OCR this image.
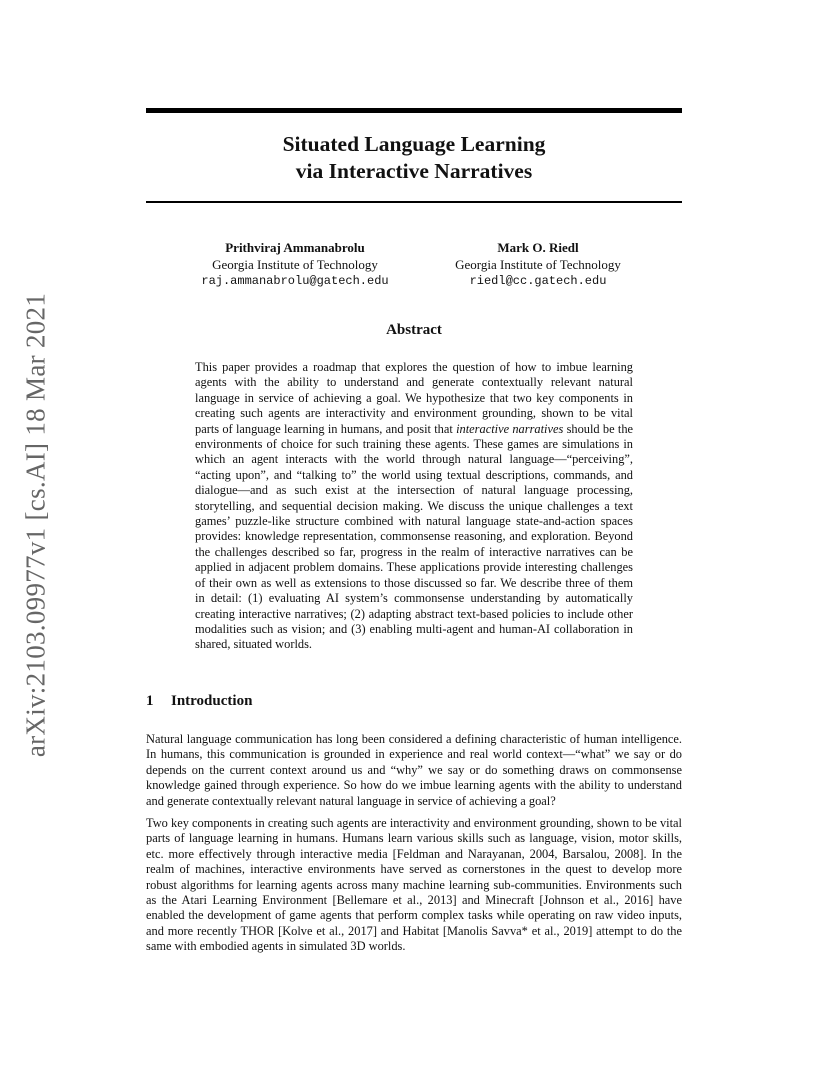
arXiv:2103.09977v1 [cs.AI] 18 Mar 2021
Situated Language Learning
via Interactive Narratives
Prithviraj Ammanabrolu
Georgia Institute of Technology
raj.ammanabrolu@gatech.edu
Mark O. Riedl
Georgia Institute of Technology
riedl@cc.gatech.edu
Abstract
This paper provides a roadmap that explores the question of how to imbue learning agents with the ability to understand and generate contextually relevant natural language in service of achieving a goal. We hypothesize that two key components in creating such agents are interactivity and environment grounding, shown to be vital parts of language learning in humans, and posit that interactive narratives should be the environments of choice for such training these agents. These games are simulations in which an agent interacts with the world through natural language—“perceiving”, “acting upon”, and “talking to” the world using textual descriptions, commands, and dialogue—and as such exist at the intersection of natural language processing, storytelling, and sequential decision making. We discuss the unique challenges a text games’ puzzle-like structure combined with natural language state-and-action spaces provides: knowledge representation, commonsense reasoning, and exploration. Beyond the challenges described so far, progress in the realm of interactive narratives can be applied in adjacent problem domains. These applications provide interesting challenges of their own as well as extensions to those discussed so far. We describe three of them in detail: (1) evaluating AI system’s commonsense understanding by automatically creating interactive narratives; (2) adapting abstract text-based policies to include other modalities such as vision; and (3) enabling multi-agent and human-AI collaboration in shared, situated worlds.
1 Introduction

Natural language communication has long been considered a defining characteristic of human intelligence. In humans, this communication is grounded in experience and real world context—“what” we say or do depends on the current context around us and “why” we say or do something draws on commonsense knowledge gained through experience. So how do we imbue learning agents with the ability to understand and generate contextually relevant natural language in service of achieving a goal?

Two key components in creating such agents are interactivity and environment grounding, shown to be vital parts of language learning in humans. Humans learn various skills such as language, vision, motor skills, etc. more effectively through interactive media [Feldman and Narayanan, 2004, Barsalou, 2008]. In the realm of machines, interactive environments have served as cornerstones in the quest to develop more robust algorithms for learning agents across many machine learning sub-communities. Environments such as the Atari Learning Environment [Bellemare et al., 2013] and Minecraft [Johnson et al., 2016] have enabled the development of game agents that perform complex tasks while operating on raw video inputs, and more recently THOR [Kolve et al., 2017] and Habitat [Manolis Savva* et al., 2019] attempt to do the same with embodied agents in simulated 3D worlds.
